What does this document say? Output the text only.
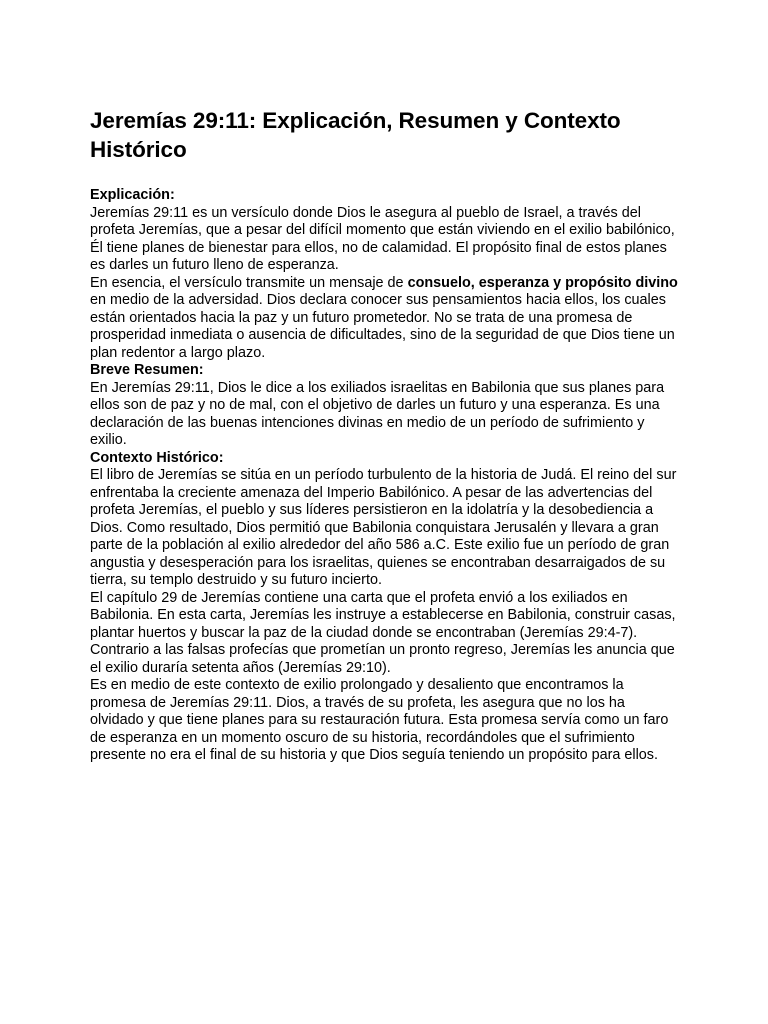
Jeremías 29:11: Explicación, Resumen y Contexto Histórico
Explicación:

Jeremías 29:11 es un versículo donde Dios le asegura al pueblo de Israel, a través del profeta Jeremías, que a pesar del difícil momento que están viviendo en el exilio babilónico, Él tiene planes de bienestar para ellos, no de calamidad. El propósito final de estos planes es darles un futuro lleno de esperanza.

En esencia, el versículo transmite un mensaje de consuelo, esperanza y propósito divino en medio de la adversidad. Dios declara conocer sus pensamientos hacia ellos, los cuales están orientados hacia la paz y un futuro prometedor. No se trata de una promesa de prosperidad inmediata o ausencia de dificultades, sino de la seguridad de que Dios tiene un plan redentor a largo plazo.

Breve Resumen:

En Jeremías 29:11, Dios le dice a los exiliados israelitas en Babilonia que sus planes para ellos son de paz y no de mal, con el objetivo de darles un futuro y una esperanza. Es una declaración de las buenas intenciones divinas en medio de un período de sufrimiento y exilio.

Contexto Histórico:

El libro de Jeremías se sitúa en un período turbulento de la historia de Judá. El reino del sur enfrentaba la creciente amenaza del Imperio Babilónico. A pesar de las advertencias del profeta Jeremías, el pueblo y sus líderes persistieron en la idolatría y la desobediencia a Dios. Como resultado, Dios permitió que Babilonia conquistara Jerusalén y llevara a gran parte de la población al exilio alrededor del año 586 a.C. Este exilio fue un período de gran angustia y desesperación para los israelitas, quienes se encontraban desarraigados de su tierra, su templo destruido y su futuro incierto.

El capítulo 29 de Jeremías contiene una carta que el profeta envió a los exiliados en Babilonia. En esta carta, Jeremías les instruye a establecerse en Babilonia, construir casas, plantar huertos y buscar la paz de la ciudad donde se encontraban (Jeremías 29:4-7). Contrario a las falsas profecías que prometían un pronto regreso, Jeremías les anuncia que el exilio duraría setenta años (Jeremías 29:10).

Es en medio de este contexto de exilio prolongado y desaliento que encontramos la promesa de Jeremías 29:11. Dios, a través de su profeta, les asegura que no los ha olvidado y que tiene planes para su restauración futura. Esta promesa servía como un faro de esperanza en un momento oscuro de su historia, recordándoles que el sufrimiento presente no era el final de su historia y que Dios seguía teniendo un propósito para ellos.
